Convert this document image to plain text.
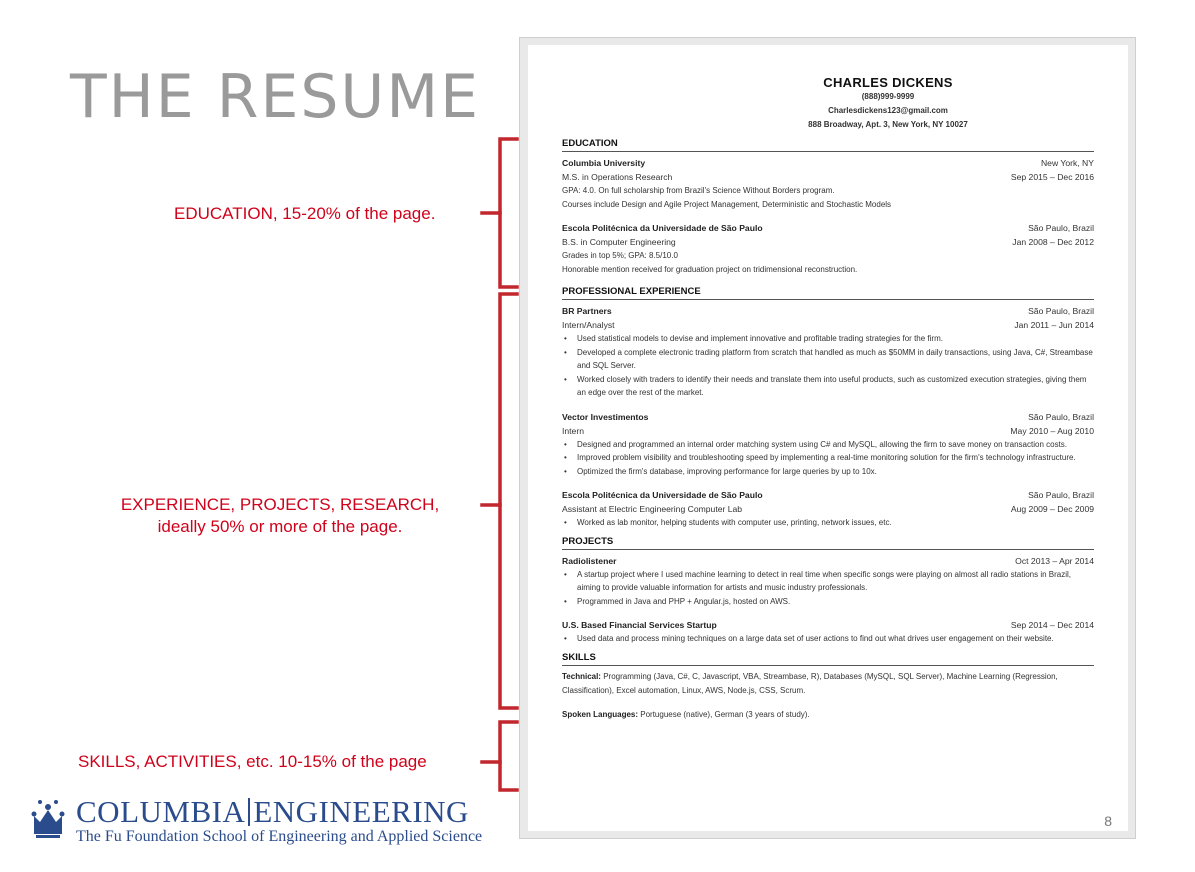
THE RESUME
EDUCATION, 15-20% of the page.
EXPERIENCE, PROJECTS, RESEARCH,
ideally 50% or more of the page.
SKILLS, ACTIVITIES, etc. 10-15% of the page
CHARLES DICKENS
(888)999-9999
Charlesdickens123@gmail.com
888 Broadway, Apt. 3, New York, NY 10027
EDUCATION
Columbia University	New York, NY
M.S. in Operations Research	Sep 2015 – Dec 2016
GPA: 4.0. On full scholarship from Brazil's Science Without Borders program.
Courses include Design and Agile Project Management, Deterministic and Stochastic Models
Escola Politécnica da Universidade de São Paulo	São Paulo, Brazil
B.S. in Computer Engineering	Jan 2008 – Dec 2012
Grades in top 5%; GPA: 8.5/10.0
Honorable mention received for graduation project on tridimensional reconstruction.
PROFESSIONAL EXPERIENCE
BR Partners	São Paulo, Brazil
Intern/Analyst	Jan 2011 – Jun 2014
• Used statistical models to devise and implement innovative and profitable trading strategies for the firm.
• Developed a complete electronic trading platform from scratch that handled as much as $50MM in daily transactions, using Java, C#, Streambase and SQL Server.
• Worked closely with traders to identify their needs and translate them into useful products, such as customized execution strategies, giving them an edge over the rest of the market.
Vector Investimentos	São Paulo, Brazil
Intern	May 2010 – Aug 2010
• Designed and programmed an internal order matching system using C# and MySQL, allowing the firm to save money on transaction costs.
• Improved problem visibility and troubleshooting speed by implementing a real-time monitoring solution for the firm's technology infrastructure.
• Optimized the firm's database, improving performance for large queries by up to 10x.
Escola Politécnica da Universidade de São Paulo	São Paulo, Brazil
Assistant at Electric Engineering Computer Lab	Aug 2009 – Dec 2009
• Worked as lab monitor, helping students with computer use, printing, network issues, etc.
PROJECTS
Radiolistener	Oct 2013 – Apr 2014
• A startup project where I used machine learning to detect in real time when specific songs were playing on almost all radio stations in Brazil, aiming to provide valuable information for artists and music industry professionals.
• Programmed in Java and PHP + Angular.js, hosted on AWS.
U.S. Based Financial Services Startup	Sep 2014 – Dec 2014
• Used data and process mining techniques on a large data set of user actions to find out what drives user engagement on their website.
SKILLS
Technical: Programming (Java, C#, C, Javascript, VBA, Streambase, R), Databases (MySQL, SQL Server), Machine Learning (Regression, Classification), Excel automation, Linux, AWS, Node.js, CSS, Scrum.
Spoken Languages: Portuguese (native), German (3 years of study).
8
COLUMBIA ENGINEERING
The Fu Foundation School of Engineering and Applied Science
